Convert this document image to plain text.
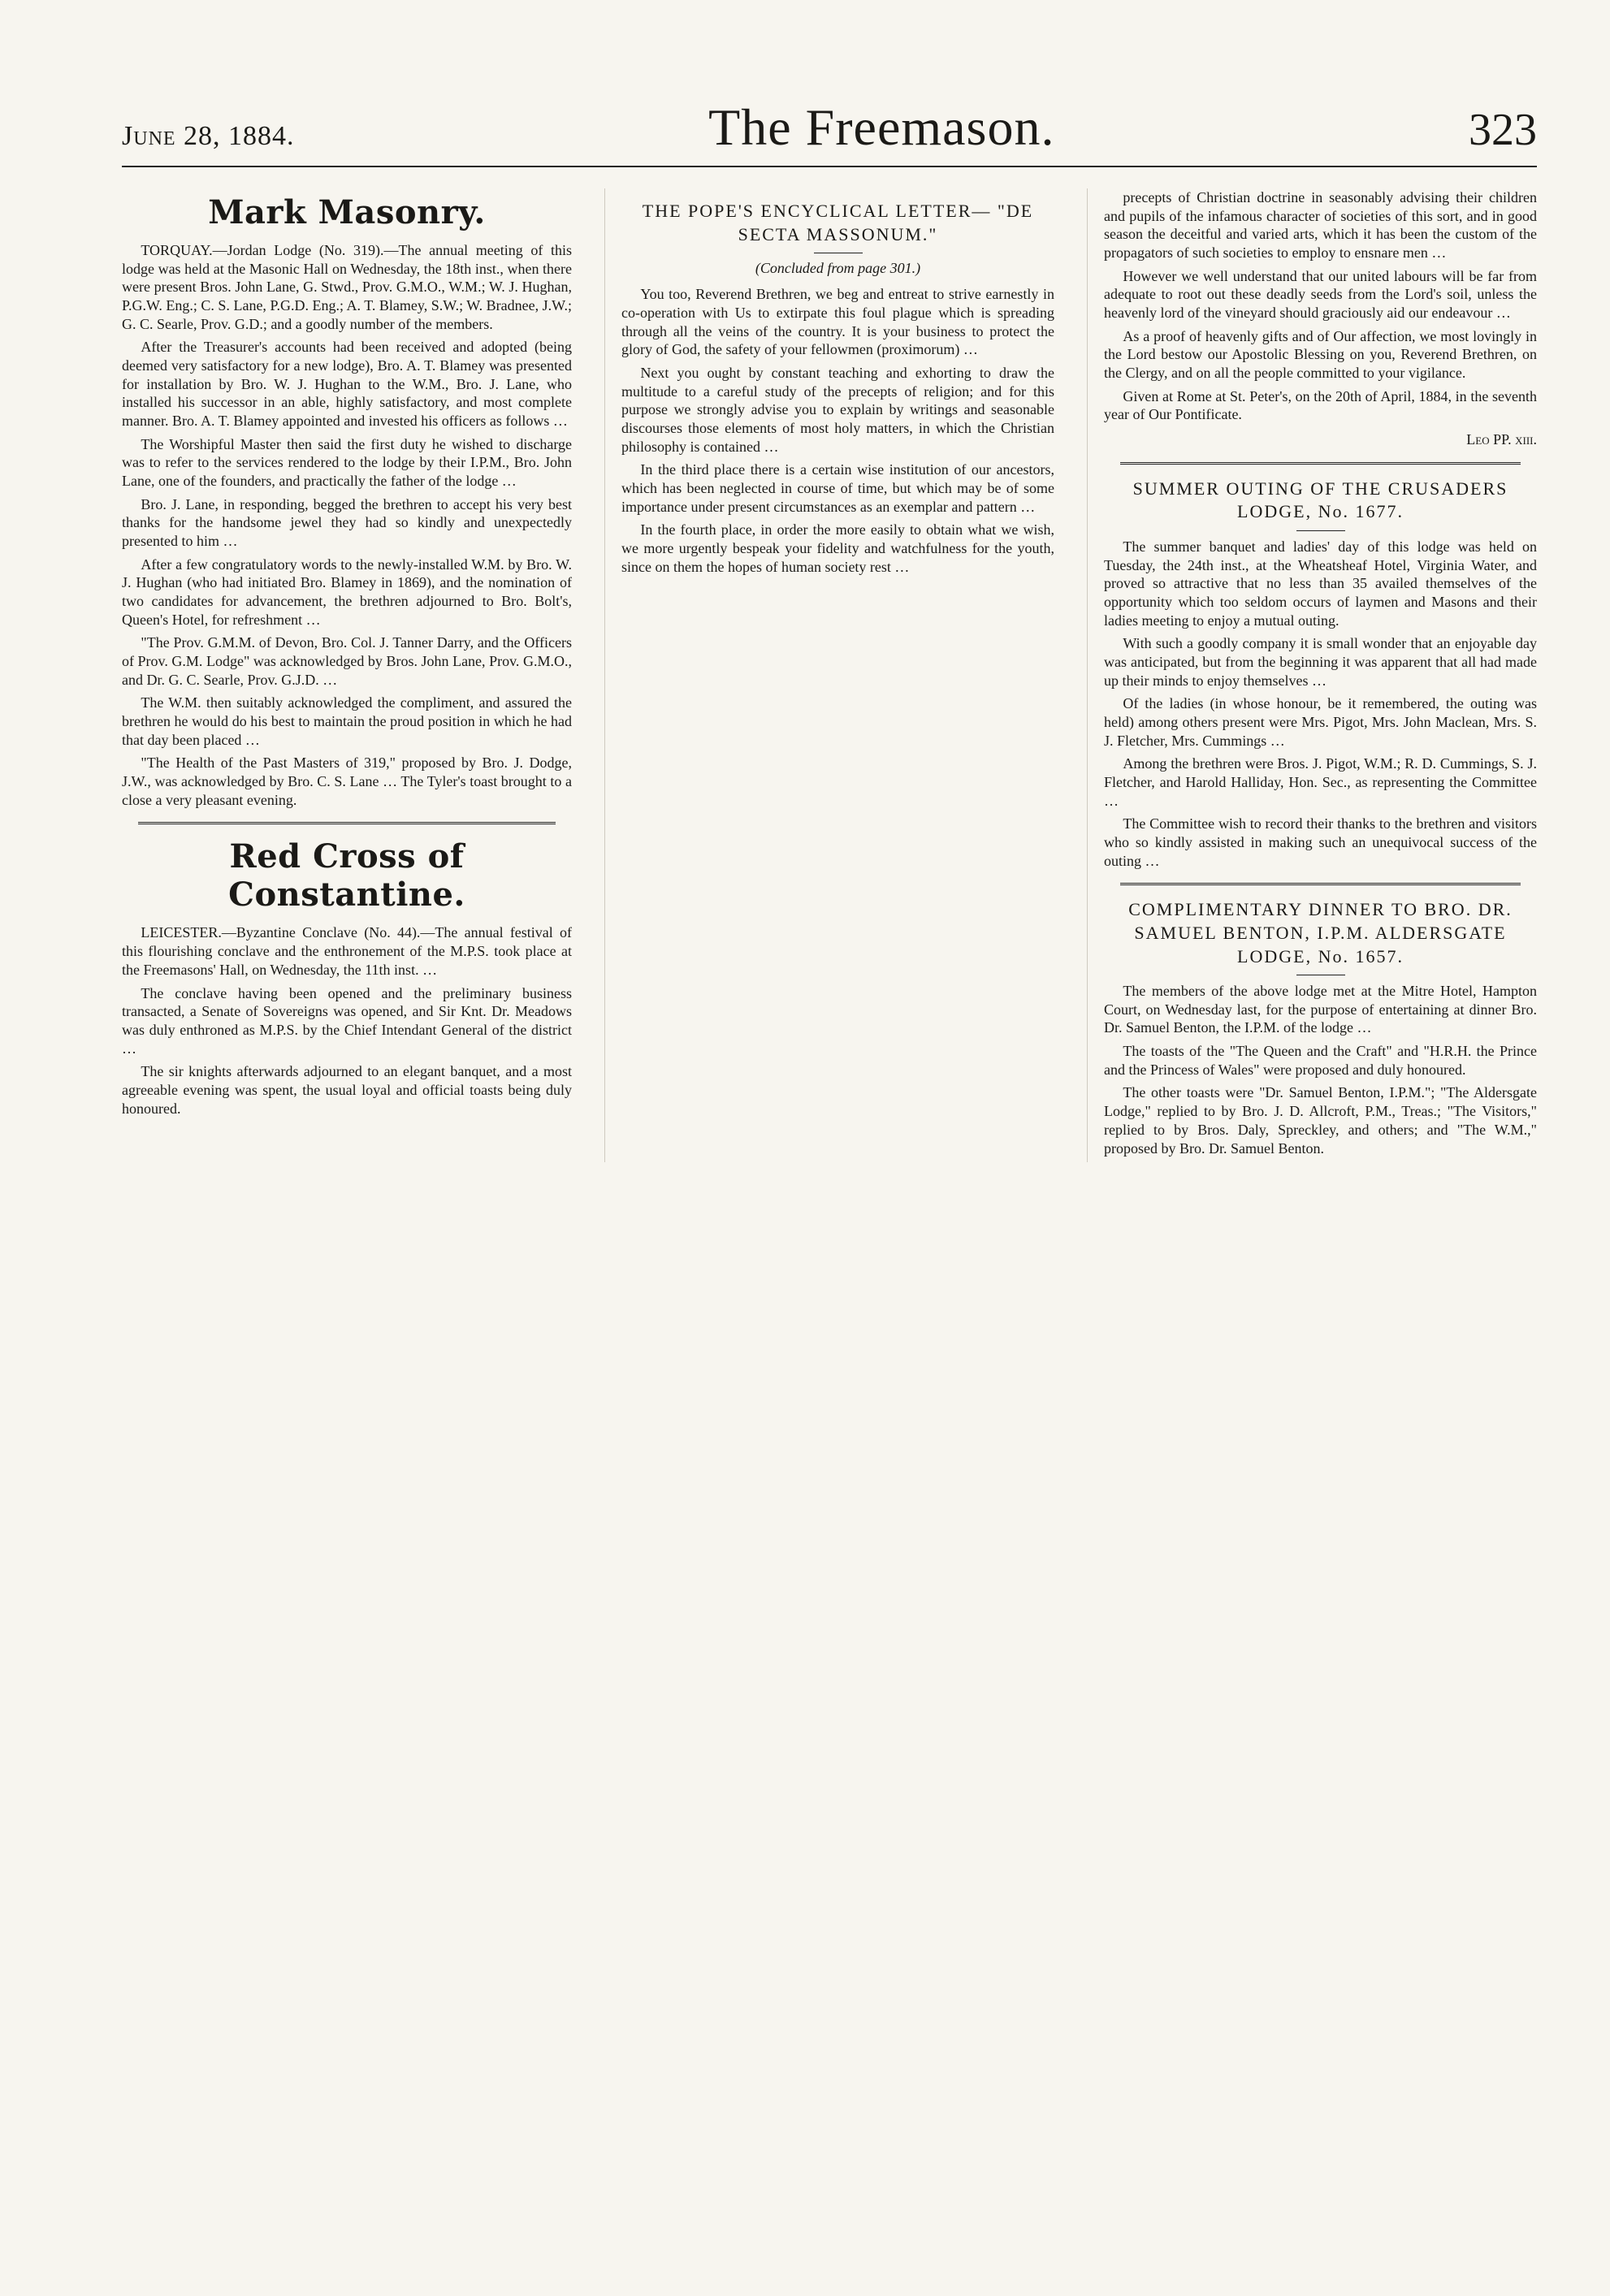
June 28, 1884.	The Freemason.	323
Mark Masonry.

TORQUAY.—Jordan Lodge (No. 319).—The annual meeting of this lodge was held at the Masonic Hall on Wednesday, the 18th inst., when there were present Bros. John Lane, G. Stwd., Prov. G.M.O., W.M.; W. J. Hughan, P.G.W. Eng.; C. S. Lane, P.G.D. Eng.; A. T. Blamey, S.W.; W. Bradnee, J.W.; G. C. Searle, Prov. G.D.; and a goodly number of the members.

After the Treasurer's accounts had been received and adopted (being deemed very satisfactory for a new lodge), Bro. A. T. Blamey was presented for installation by Bro. W. J. Hughan to the W.M., Bro. J. Lane, who installed his successor in an able, highly satisfactory, and most complete manner. Bro. A. T. Blamey appointed and invested his officers as follows …

The Worshipful Master then said the first duty he wished to discharge was to refer to the services rendered to the lodge by their I.P.M., Bro. John Lane, one of the founders, and practically the father of the lodge …

Bro. J. Lane, in responding, begged the brethren to accept his very best thanks for the handsome jewel they had so kindly and unexpectedly presented to him …

After a few congratulatory words to the newly-installed W.M. by Bro. W. J. Hughan (who had initiated Bro. Blamey in 1869), and the nomination of two candidates for advancement, the brethren adjourned to Bro. Bolt's, Queen's Hotel, for refreshment …

"The Prov. G.M.M. of Devon, Bro. Col. J. Tanner Darry, and the Officers of Prov. G.M. Lodge" was acknowledged by Bros. John Lane, Prov. G.M.O., and Dr. G. C. Searle, Prov. G.J.D. …

The W.M. then suitably acknowledged the compliment, and assured the brethren he would do his best to maintain the proud position in which he had that day been placed …

"The Health of the Past Masters of 319," proposed by Bro. J. Dodge, J.W., was acknowledged by Bro. C. S. Lane … The Tyler's toast brought to a close a very pleasant evening.

Red Cross of Constantine.

LEICESTER.—Byzantine Conclave (No. 44).—The annual festival of this flourishing conclave and the enthronement of the M.P.S. took place at the Freemasons' Hall, on Wednesday, the 11th inst. …

The conclave having been opened and the preliminary business transacted, a Senate of Sovereigns was opened, and Sir Knt. Dr. Meadows was duly enthroned as M.P.S. by the Chief Intendant General of the district …

The sir knights afterwards adjourned to an elegant banquet, and a most agreeable evening was spent, the usual loyal and official toasts being duly honoured.

THE POPE'S ENCYCLICAL LETTER— "DE SECTA MASSONUM."
(Concluded from page 301.)

You too, Reverend Brethren, we beg and entreat to strive earnestly in co-operation with Us to extirpate this foul plague which is spreading through all the veins of the country. It is your business to protect the glory of God, the safety of your fellowmen (proximorum) …

Next you ought by constant teaching and exhorting to draw the multitude to a careful study of the precepts of religion; and for this purpose we strongly advise you to explain by writings and seasonable discourses those elements of most holy matters, in which the Christian philosophy is contained …

In the third place there is a certain wise institution of our ancestors, which has been neglected in course of time, but which may be of some importance under present circumstances as an exemplar and pattern …

In the fourth place, in order the more easily to obtain what we wish, we more urgently bespeak your fidelity and watchfulness for the youth, since on them the hopes of human society rest …

precepts of Christian doctrine in seasonably advising their children and pupils of the infamous character of societies of this sort, and in good season the deceitful and varied arts, which it has been the custom of the propagators of such societies to employ to ensnare men …

However we well understand that our united labours will be far from adequate to root out these deadly seeds from the Lord's soil, unless the heavenly lord of the vineyard should graciously aid our endeavour …

As a proof of heavenly gifts and of Our affection, we most lovingly in the Lord bestow our Apostolic Blessing on you, Reverend Brethren, on the Clergy, and on all the people committed to your vigilance.

Given at Rome at St. Peter's, on the 20th of April, 1884, in the seventh year of Our Pontificate.

Leo PP. xiii.

SUMMER OUTING OF THE CRUSADERS LODGE, No. 1677.

The summer banquet and ladies' day of this lodge was held on Tuesday, the 24th inst., at the Wheatsheaf Hotel, Virginia Water, and proved so attractive that no less than 35 availed themselves of the opportunity which too seldom occurs of laymen and Masons and their ladies meeting to enjoy a mutual outing.

With such a goodly company it is small wonder that an enjoyable day was anticipated, but from the beginning it was apparent that all had made up their minds to enjoy themselves …

Of the ladies (in whose honour, be it remembered, the outing was held) among others present were Mrs. Pigot, Mrs. John Maclean, Mrs. S. J. Fletcher, Mrs. Cummings …

Among the brethren were Bros. J. Pigot, W.M.; R. D. Cummings, S. J. Fletcher, and Harold Halliday, Hon. Sec., as representing the Committee …

The Committee wish to record their thanks to the brethren and visitors who so kindly assisted in making such an unequivocal success of the outing …

COMPLIMENTARY DINNER TO BRO. DR. SAMUEL BENTON, I.P.M. ALDERSGATE LODGE, No. 1657.

The members of the above lodge met at the Mitre Hotel, Hampton Court, on Wednesday last, for the purpose of entertaining at dinner Bro. Dr. Samuel Benton, the I.P.M. of the lodge …

The toasts of the "The Queen and the Craft" and "H.R.H. the Prince and the Princess of Wales" were proposed and duly honoured.

The other toasts were "Dr. Samuel Benton, I.P.M."; "The Aldersgate Lodge," replied to by Bro. J. D. Allcroft, P.M., Treas.; "The Visitors," replied to by Bros. Daly, Spreckley, and others; and "The W.M.," proposed by Bro. Dr. Samuel Benton.
